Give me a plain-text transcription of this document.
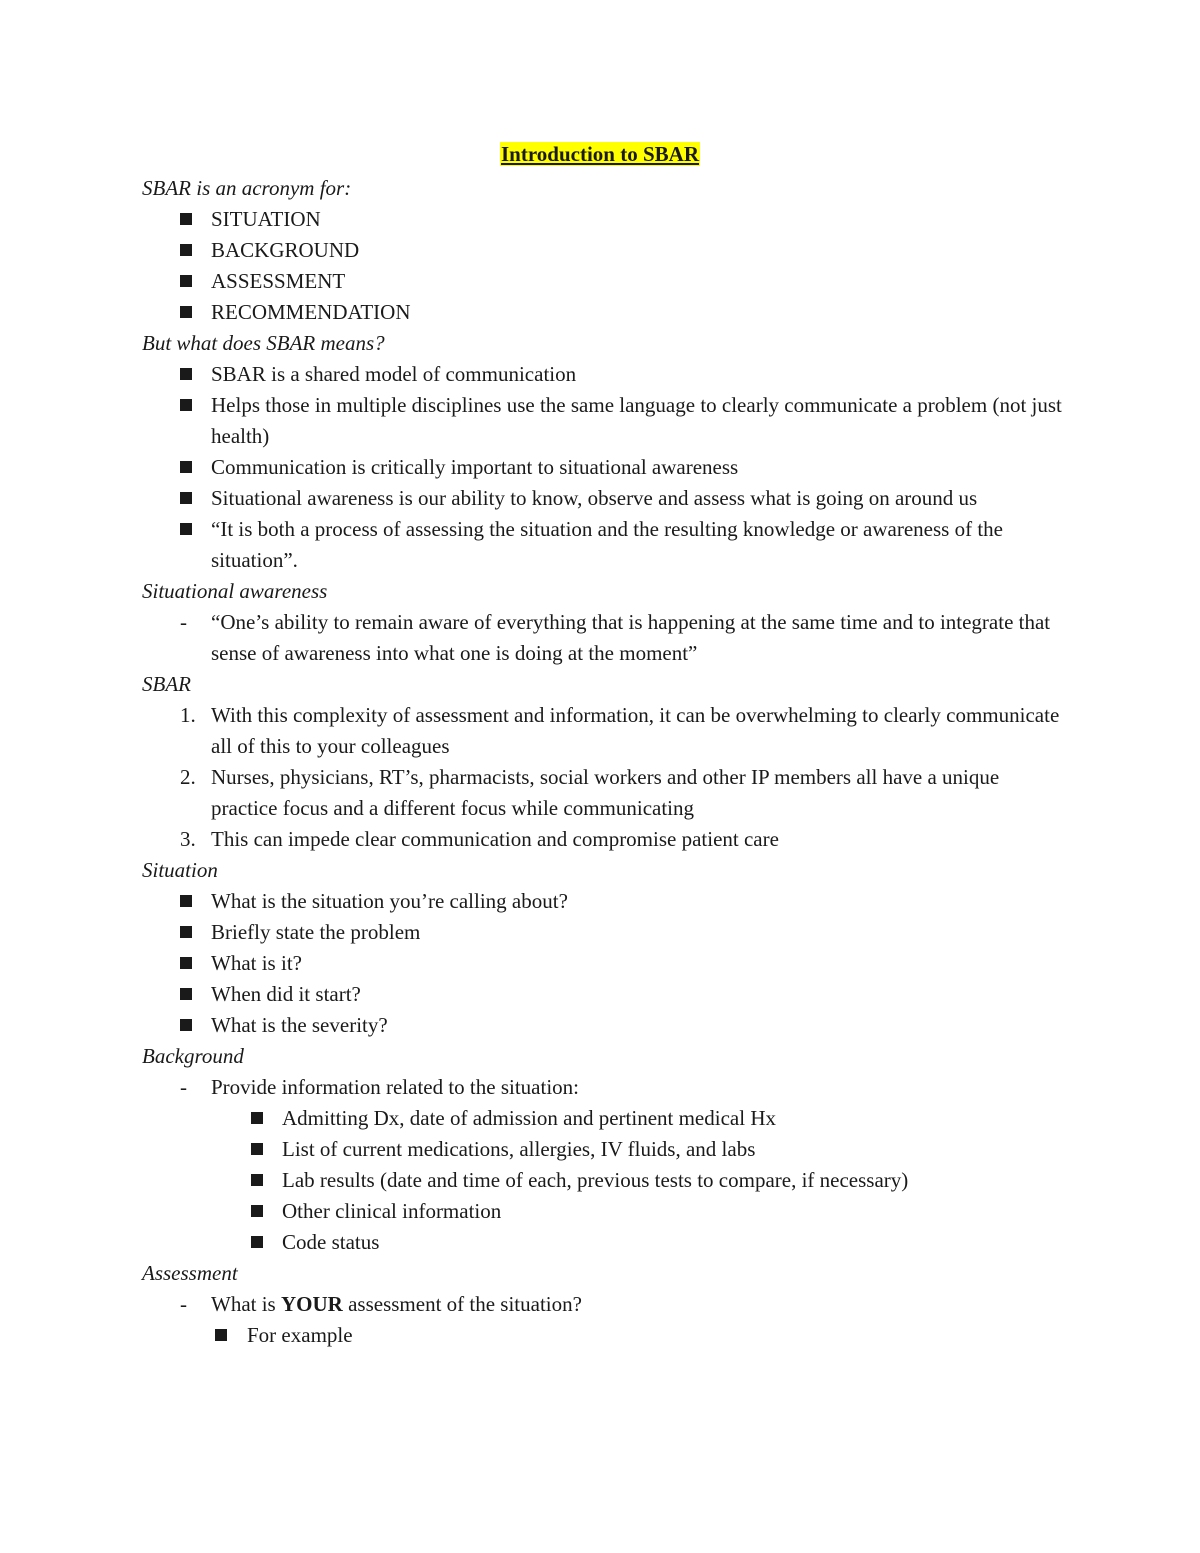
Introduction to SBAR
SBAR is an acronym for:
SITUATION
BACKGROUND
ASSESSMENT
RECOMMENDATION
But what does SBAR means?
SBAR is a shared model of communication
Helps those in multiple disciplines use the same language to clearly communicate a problem (not just health)
Communication is critically important to situational awareness
Situational awareness is our ability to know, observe and assess what is going on around us
“It is both a process of assessing the situation and the resulting knowledge or awareness of the situation”.
Situational awareness
-	“One’s ability to remain aware of everything that is happening at the same time and to integrate that sense of awareness into what one is doing at the moment”
SBAR
1. With this complexity of assessment and information, it can be overwhelming to clearly communicate all of this to your colleagues
2. Nurses, physicians, RT’s, pharmacists, social workers and other IP members all have a unique practice focus and a different focus while communicating
3. This can impede clear communication and compromise patient care
Situation
What is the situation you’re calling about?
Briefly state the problem
What is it?
When did it start?
What is the severity?
Background
-	Provide information related to the situation:
Admitting Dx, date of admission and pertinent medical Hx
List of current medications, allergies, IV fluids, and labs
Lab results (date and time of each, previous tests to compare, if necessary)
Other clinical information
Code status
Assessment
-	What is YOUR assessment of the situation?
For example
